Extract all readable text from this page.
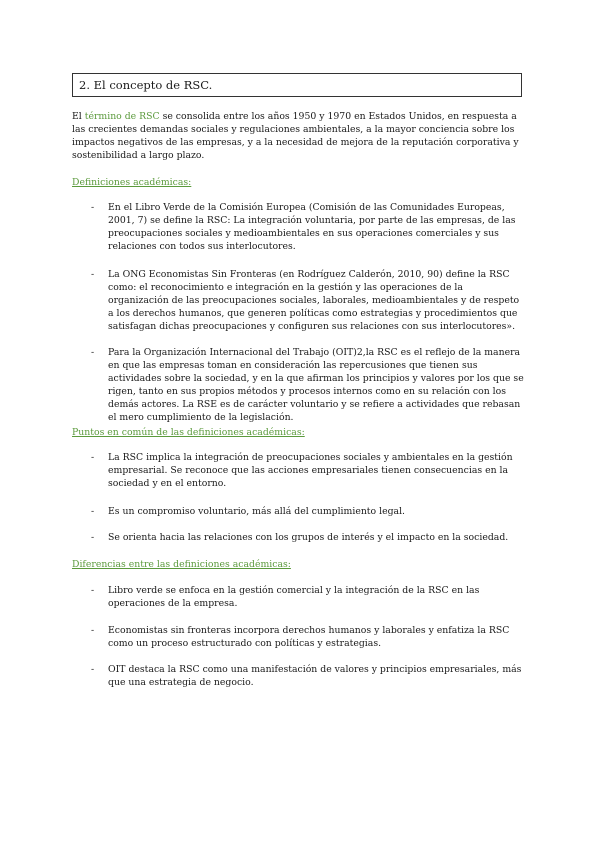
2. El concepto de RSC.

El término de RSC se consolida entre los años 1950 y 1970 en Estados Unidos, en respuesta a las crecientes demandas sociales y regulaciones ambientales, a la mayor conciencia sobre los impactos negativos de las empresas, y a la necesidad de mejora de la reputación corporativa y sostenibilidad a largo plazo.

Definiciones académicas:
-	En el Libro Verde de la Comisión Europea (Comisión de las Comunidades Europeas, 2001, 7) se define la RSC: La integración voluntaria, por parte de las empresas, de las preocupaciones sociales y medioambientales en sus operaciones comerciales y sus relaciones con todos sus interlocutores.
-	La ONG Economistas Sin Fronteras (en Rodríguez Calderón, 2010, 90) define la RSC como: el reconocimiento e integración en la gestión y las operaciones de la organización de las preocupaciones sociales, laborales, medioambientales y de respeto a los derechos humanos, que generen políticas como estrategias y procedimientos que satisfagan dichas preocupaciones y configuren sus relaciones con sus interlocutores».
-	Para la Organización Internacional del Trabajo (OIT)2,la RSC es el reflejo de la manera en que las empresas toman en consideración las repercusiones que tienen sus actividades sobre la sociedad, y en la que afirman los principios y valores por los que se rigen, tanto en sus propios métodos y procesos internos como en su relación con los demás actores. La RSE es de carácter voluntario y se refiere a actividades que rebasan el mero cumplimiento de la legislación.
Puntos en común de las definiciones académicas:
-	La RSC implica la integración de preocupaciones sociales y ambientales en la gestión empresarial. Se reconoce que las acciones empresariales tienen consecuencias en la sociedad y en el entorno.
-	Es un compromiso voluntario, más allá del cumplimiento legal.
-	Se orienta hacia las relaciones con los grupos de interés y el impacto en la sociedad.
Diferencias entre las definiciones académicas:
-	Libro verde se enfoca en la gestión comercial y la integración de la RSC en las operaciones de la empresa.
-	Economistas sin fronteras incorpora derechos humanos y laborales y enfatiza la RSC como un proceso estructurado con políticas y estrategias.
-	OIT destaca la RSC como una manifestación de valores y principios empresariales, más que una estrategia de negocio.
